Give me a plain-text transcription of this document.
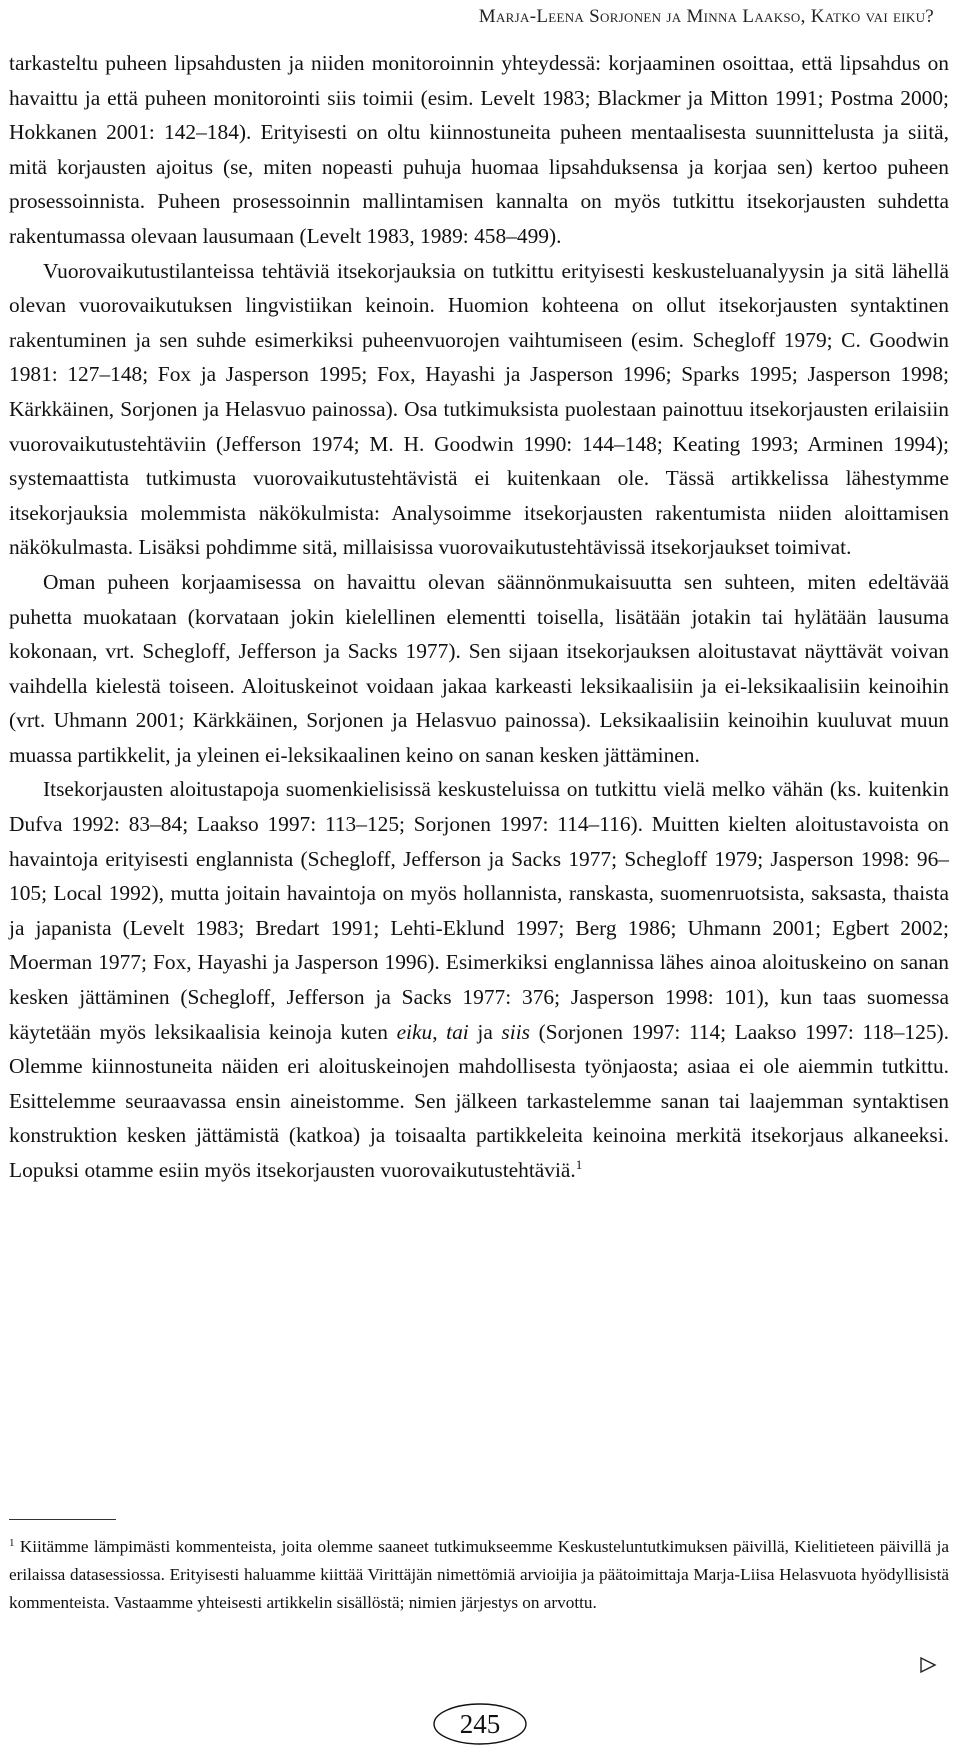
Marja-Leena Sorjonen ja Minna Laakso, Katko vai eiku?

tarkasteltu puheen lipsahdusten ja niiden monitoroinnin yhteydessä: korjaaminen osoittaa, että lipsahdus on havaittu ja että puheen monitorointi siis toimii (esim. Levelt 1983; Blackmer ja Mitton 1991; Postma 2000; Hokkanen 2001: 142–184). Erityisesti on oltu kiinnostuneita puheen mentaalisesta suunnittelusta ja siitä, mitä korjausten ajoitus (se, miten nopeasti puhuja huomaa lipsahduksensa ja korjaa sen) kertoo puheen prosessoinnista. Puheen prosessoinnin mallintamisen kannalta on myös tutkittu itsekorjausten suhdetta rakentumassa olevaan lausumaan (Levelt 1983, 1989: 458–499).

Vuorovaikutustilanteissa tehtäviä itsekorjauksia on tutkittu erityisesti keskusteluanalyysin ja sitä lähellä olevan vuorovaikutuksen lingvistiikan keinoin. Huomion kohteena on ollut itsekorjausten syntaktinen rakentuminen ja sen suhde esimerkiksi puheenvuorojen vaihtumiseen (esim. Schegloff 1979; C. Goodwin 1981: 127–148; Fox ja Jasperson 1995; Fox, Hayashi ja Jasperson 1996; Sparks 1995; Jasperson 1998; Kärkkäinen, Sorjonen ja Helasvuo painossa). Osa tutkimuksista puolestaan painottuu itsekorjausten erilaisiin vuorovaikutustehtäviin (Jefferson 1974; M. H. Goodwin 1990: 144–148; Keating 1993; Arminen 1994); systemaattista tutkimusta vuorovaikutustehtävistä ei kuitenkaan ole. Tässä artikkelissa lähestymme itsekorjauksia molemmista näkökulmista: Analysoimme itsekorjausten rakentumista niiden aloittamisen näkökulmasta. Lisäksi pohdimme sitä, millaisissa vuorovaikutustehtävissä itsekorjaukset toimivat.

Oman puheen korjaamisessa on havaittu olevan säännönmukaisuutta sen suhteen, miten edeltävää puhetta muokataan (korvataan jokin kielellinen elementti toisella, lisätään jotakin tai hylätään lausuma kokonaan, vrt. Schegloff, Jefferson ja Sacks 1977). Sen sijaan itsekorjauksen aloitustavat näyttävät voivan vaihdella kielestä toiseen. Aloituskeinot voidaan jakaa karkeasti leksikaalisiin ja ei-leksikaalisiin keinoihin (vrt. Uhmann 2001; Kärkkäinen, Sorjonen ja Helasvuo painossa). Leksikaalisiin keinoihin kuuluvat muun muassa partikkelit, ja yleinen ei-leksikaalinen keino on sanan kesken jättäminen.

Itsekorjausten aloitustapoja suomenkielisissä keskusteluissa on tutkittu vielä melko vähän (ks. kuitenkin Dufva 1992: 83–84; Laakso 1997: 113–125; Sorjonen 1997: 114–116). Muitten kielten aloitustavoista on havaintoja erityisesti englannista (Schegloff, Jefferson ja Sacks 1977; Schegloff 1979; Jasperson 1998: 96–105; Local 1992), mutta joitain havaintoja on myös hollannista, ranskasta, suomenruotsista, saksasta, thaista ja japanista (Levelt 1983; Bredart 1991; Lehti-Eklund 1997; Berg 1986; Uhmann 2001; Egbert 2002; Moerman 1977; Fox, Hayashi ja Jasperson 1996). Esimerkiksi englannissa lähes ainoa aloituskeino on sanan kesken jättäminen (Schegloff, Jefferson ja Sacks 1977: 376; Jasperson 1998: 101), kun taas suomessa käytetään myös leksikaalisia keinoja kuten eiku, tai ja siis (Sorjonen 1997: 114; Laakso 1997: 118–125). Olemme kiinnostuneita näiden eri aloituskeinojen mahdollisesta työnjaosta; asiaa ei ole aiemmin tutkittu. Esittelemme seuraavassa ensin aineistomme. Sen jälkeen tarkastelemme sanan tai laajemman syntaktisen konstruktion kesken jättämistä (katkoa) ja toisaalta partikkeleita keinoina merkitä itsekorjaus alkaneeksi. Lopuksi otamme esiin myös itsekorjausten vuorovaikutustehtäviä.$^1$

$^1$ Kiitämme lämpimästi kommenteista, joita olemme saaneet tutkimukseemme Keskusteluntutkimuksen päivillä, Kielitieteen päivillä ja erilaissa datasessiossa. Erityisesti haluamme kiittää Virittäjän nimettömiä arvioijia ja päätoimittaja Marja-Liisa Helasvuota hyödyllisistä kommenteista. Vastaamme yhteisesti artikkelin sisällöstä; nimien järjestys on arvottu.

245
